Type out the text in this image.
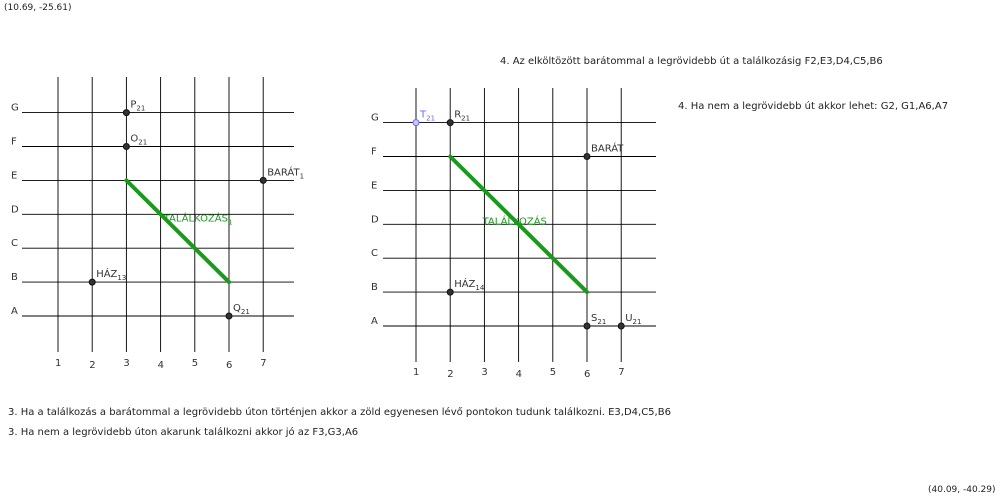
(10.69, -25.61)
(40.09, -40.29)
4. Az elköltözött barátommal a legrövidebb út a találkozásig F2,E3,D4,C5,B6
4. Ha nem a legrövidebb út akkor lehet: G2, G1,A6,A7
3. Ha a találkozás a barátommal a legrövidebb úton történjen akkor a zöld egyenesen lévő pontokon tudunk találkozni. E3,D4,C5,B6
3. Ha nem a legrövidebb úton akarunk találkozni akkor jó az F3,G3,A6
A
B
C
D
E
F
G
1	2	3	4	5	6	7
$TALÁLKOZÁS_1$
$P_{21}$
$O_{21}$
$BARÁT_1$
$HÁZ_{13}$
$Q_{21}$
A
B
C
D
E
F
G
1	2	3	4	5	6	7
TALÁLKOZÁS
$T_{21}$ $R_{21}$
BARÁT
$HÁZ_{14}$
$S_{21}$ $U_{21}$
